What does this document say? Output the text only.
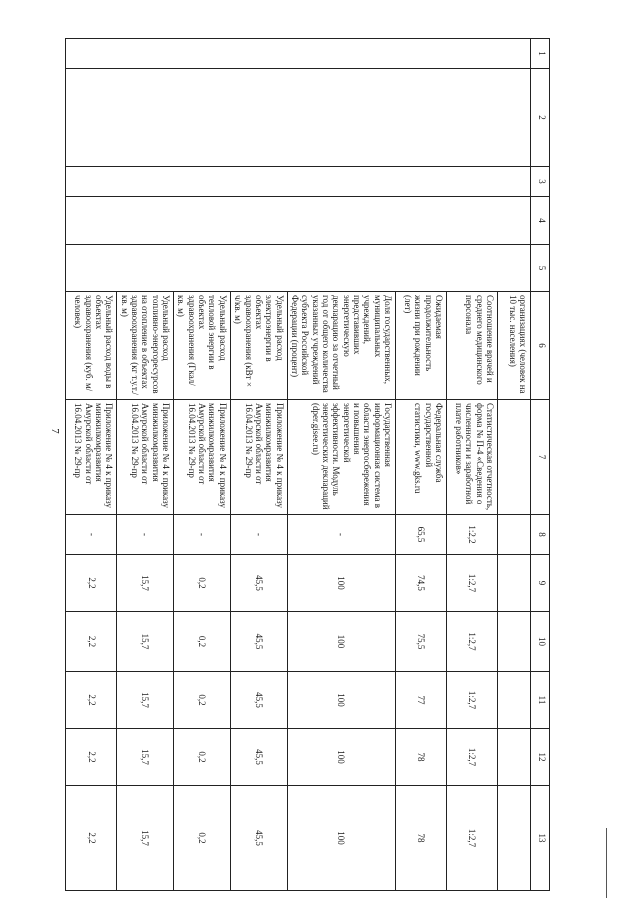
7
1	2	3	4	5	6	7	8	9	10	11	12	13
					организациях (человек на 10 тыс. населения)							
					Соотношение врачей и среднего медицинского персонала	Статистическая отчетность, форма № П-4 «Сведения о численности и заработной плате работников»	1:2,2	1:2,7	1:2,7	1:2,7	1:2,7	1:2,7
					Ожидаемая продолжительность жизни при рождении (лет)	Федеральная служба государственной статистики, www.gks.ru	65,5	74,5	75,5	77	78	78
					Доля государственных, муниципальных учреждений, представивших энергетическую декларацию за отчетный год от общего количества указанных учреждений субъекта Российской Федерации (процент)	Государственная информационная система в области энергосбережения и повышения энергетической эффективности. Модуль энергетических деклараций (dper.gisee.ru)	-	100	100	100	100	100
					Удельный расход электроэнергии в объектах здравоохранения (кВт × ч/кв. м)	Приложение № 4 к приказу минжилкомразвития Амурской области от 16.04.2013 № 29-пр	-	45,5	45,5	45,5	45,5	45,5
					Удельный расход тепловой энергии в объектах здравоохранения (Гкал/кв. м)	Приложение № 4 к приказу минжилкомразвития Амурской области от 16.04.2013 № 29-пр	-	0,2	0,2	0,2	0,2	0,2
					Удельный расход топливно-энергоресурсов на отопление в объектах здравоохранения (кг т.у.т./кв. м)	Приложение № 4 к приказу минжилкомразвития Амурской области от 16.04.2013 № 29-пр	-	15,7	15,7	15,7	15,7	15,7
					Удельный расход воды в объектах здравоохранения (куб. м/человек)	Приложение № 4 к приказу минжилкомразвития Амурской области от 16.04.2013 № 29-пр	-	2,2	2,2	2,2	2,2	2,2
